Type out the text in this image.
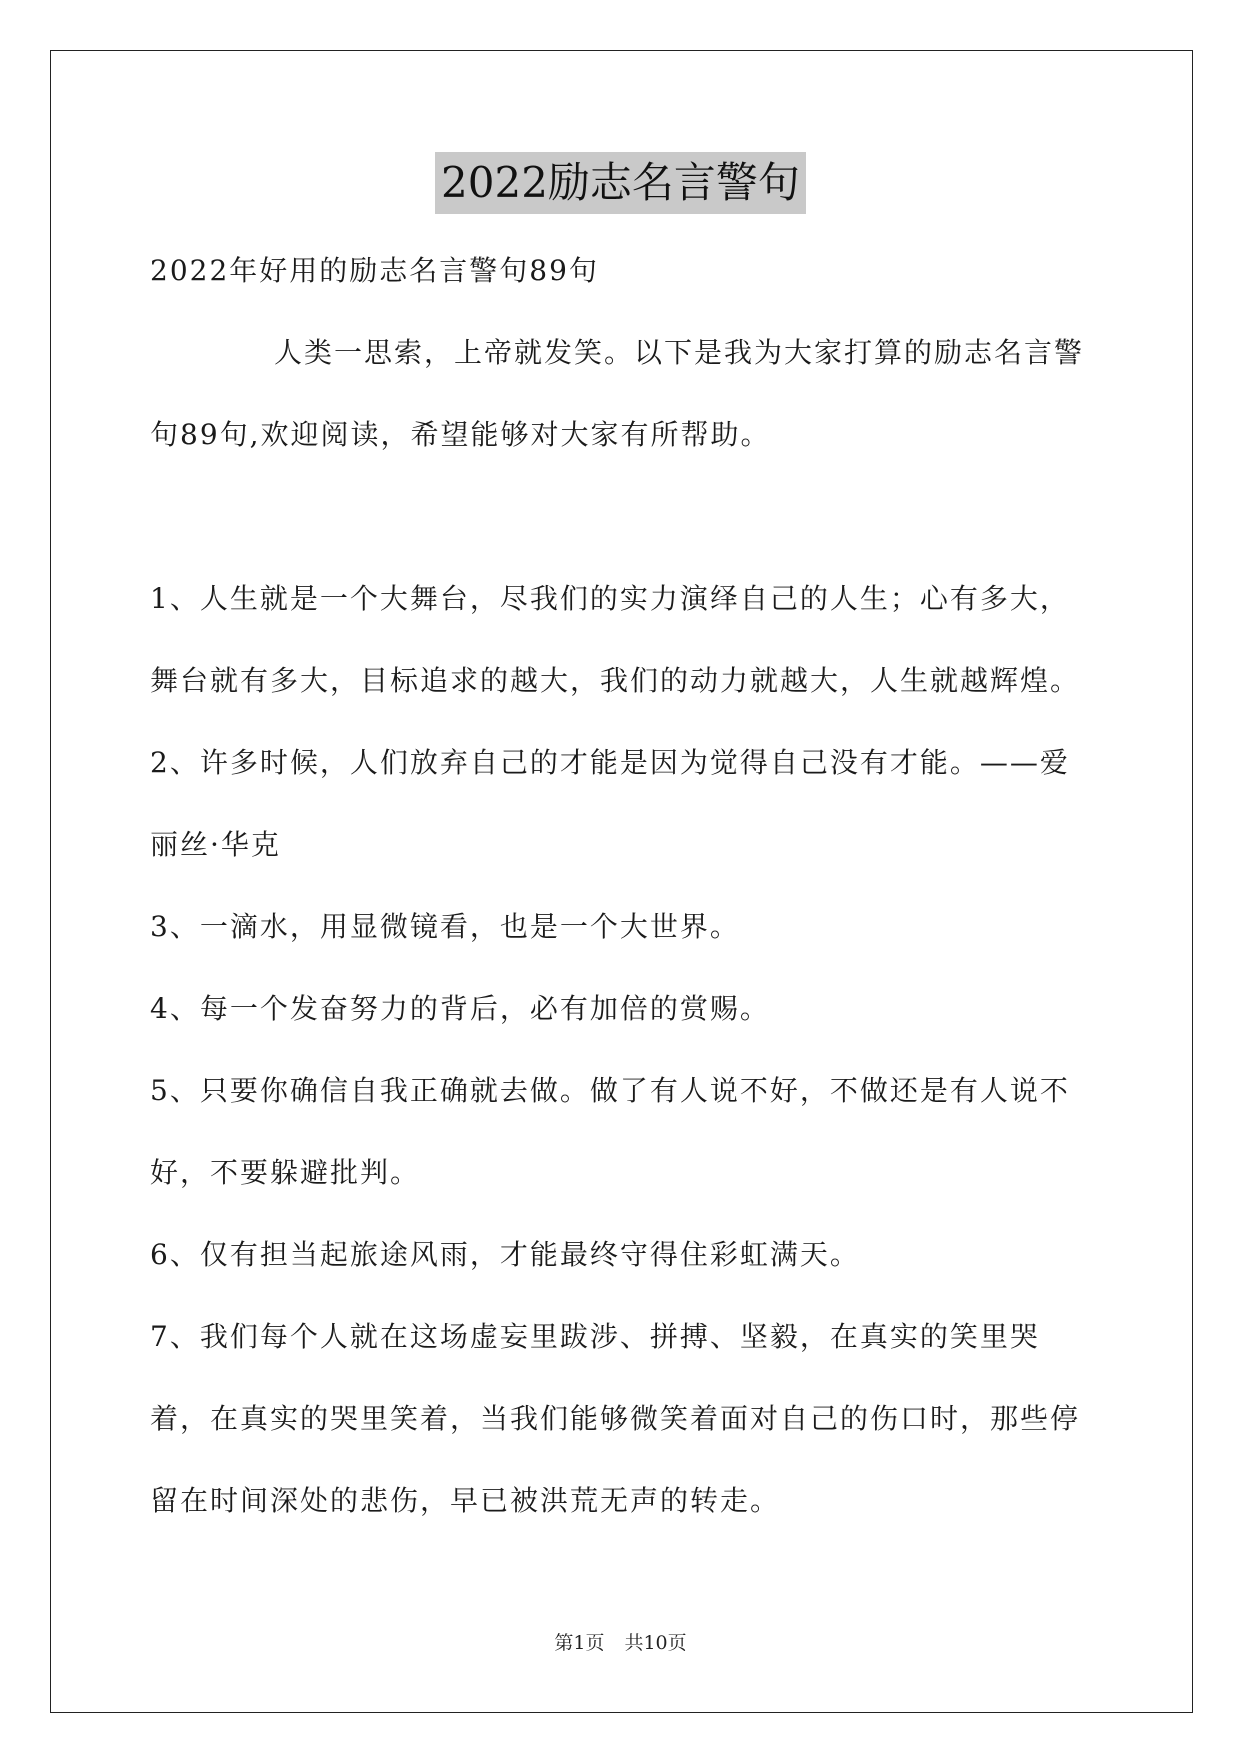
2022励志名言警句

2022年好用的励志名言警句89句

人类一思索，上帝就发笑。以下是我为大家打算的励志名言警句89句,欢迎阅读，希望能够对大家有所帮助。

1、人生就是一个大舞台，尽我们的实力演绎自己的人生；心有多大，舞台就有多大，目标追求的越大，我们的动力就越大，人生就越辉煌。

2、许多时候，人们放弃自己的才能是因为觉得自己没有才能。——爱丽丝·华克

3、一滴水，用显微镜看，也是一个大世界。

4、每一个发奋努力的背后，必有加倍的赏赐。

5、只要你确信自我正确就去做。做了有人说不好，不做还是有人说不好，不要躲避批判。

6、仅有担当起旅途风雨，才能最终守得住彩虹满天。

7、我们每个人就在这场虚妄里跋涉、拼搏、坚毅，在真实的笑里哭着，在真实的哭里笑着，当我们能够微笑着面对自己的伤口时，那些停留在时间深处的悲伤，早已被洪荒无声的转走。

第1页 共10页
